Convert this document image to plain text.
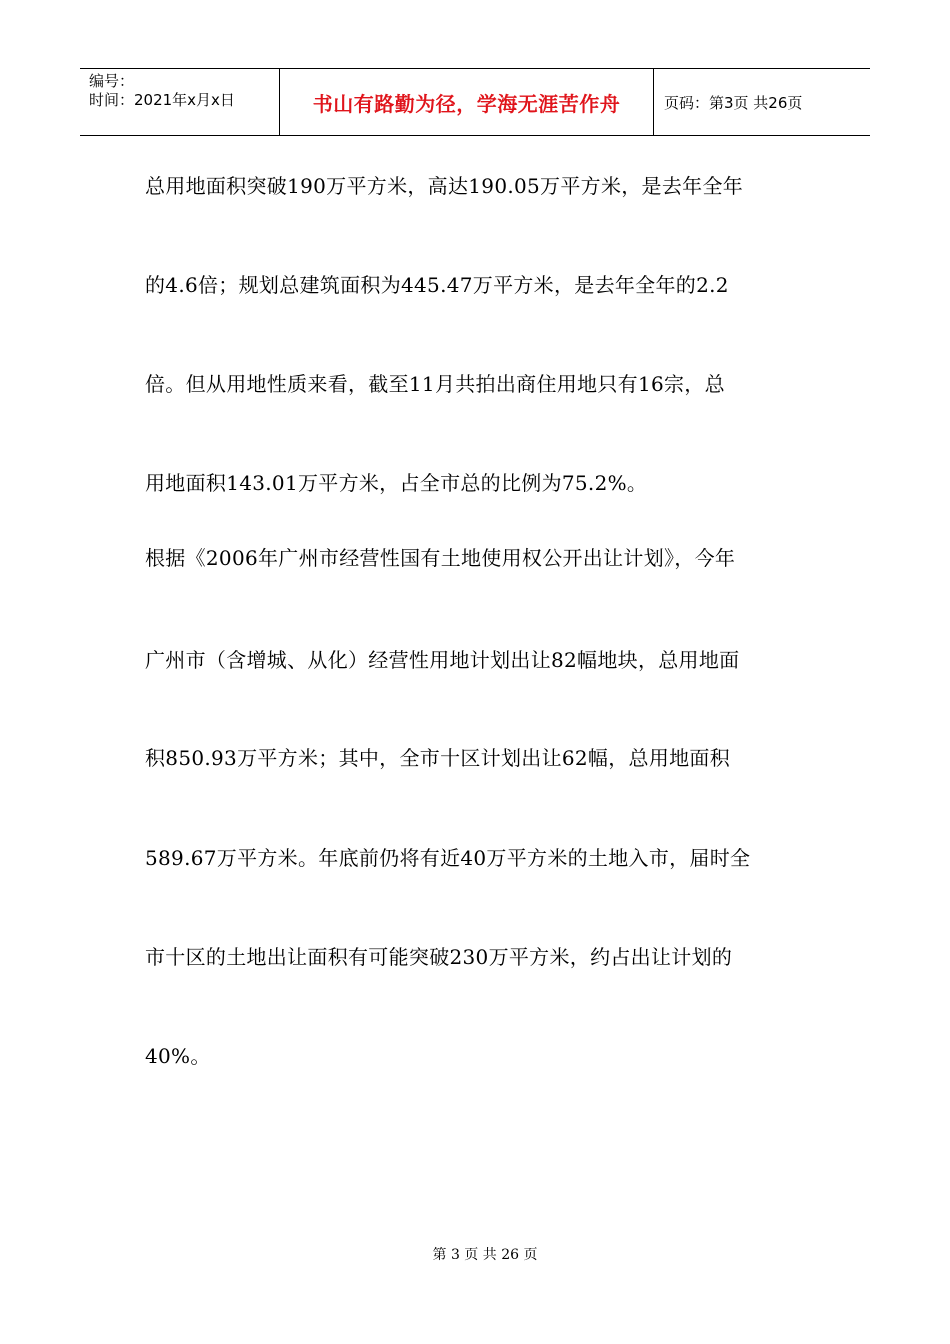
编号：
时间：2021年x月x日	书山有路勤为径，学海无涯苦作舟	页码：第3页 共26页
总用地面积突破190万平方米，高达190.05万平方米，是去年全年
的4.6倍；规划总建筑面积为445.47万平方米，是去年全年的2.2
倍。但从用地性质来看，截至11月共拍出商住用地只有16宗，总
用地面积143.01万平方米，占全市总的比例为75.2%。
根据《2006年广州市经营性国有土地使用权公开出让计划》，今年
广州市（含增城、从化）经营性用地计划出让82幅地块，总用地面
积850.93万平方米；其中，全市十区计划出让62幅，总用地面积
589.67万平方米。年底前仍将有近40万平方米的土地入市，届时全
市十区的土地出让面积有可能突破230万平方米，约占出让计划的
40%。
第 3 页 共 26 页
